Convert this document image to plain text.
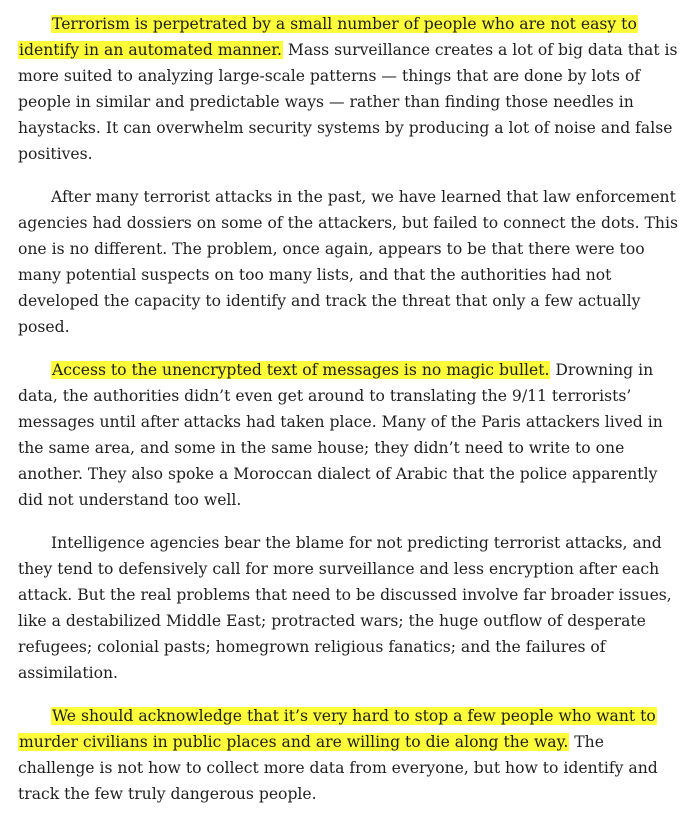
Terrorism is perpetrated by a small number of people who are not easy to identify in an automated manner. Mass surveillance creates a lot of big data that is more suited to analyzing large-scale patterns — things that are done by lots of people in similar and predictable ways — rather than finding those needles in haystacks. It can overwhelm security systems by producing a lot of noise and false positives.

After many terrorist attacks in the past, we have learned that law enforcement agencies had dossiers on some of the attackers, but failed to connect the dots. This one is no different. The problem, once again, appears to be that there were too many potential suspects on too many lists, and that the authorities had not developed the capacity to identify and track the threat that only a few actually posed.

Access to the unencrypted text of messages is no magic bullet. Drowning in data, the authorities didn’t even get around to translating the 9/11 terrorists’ messages until after attacks had taken place. Many of the Paris attackers lived in the same area, and some in the same house; they didn’t need to write to one another. They also spoke a Moroccan dialect of Arabic that the police apparently did not understand too well.

Intelligence agencies bear the blame for not predicting terrorist attacks, and they tend to defensively call for more surveillance and less encryption after each attack. But the real problems that need to be discussed involve far broader issues, like a destabilized Middle East; protracted wars; the huge outflow of desperate refugees; colonial pasts; homegrown religious fanatics; and the failures of assimilation.

We should acknowledge that it’s very hard to stop a few people who want to murder civilians in public places and are willing to die along the way. The challenge is not how to collect more data from everyone, but how to identify and track the few truly dangerous people.
